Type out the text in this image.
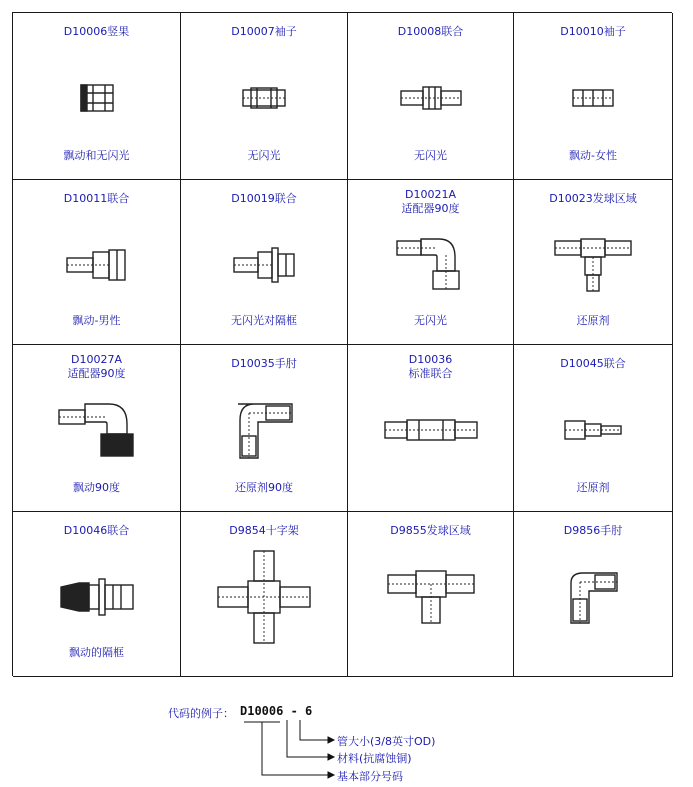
D10006竖果
飘动和无闪光
D10007袖子
无闪光
D10008联合
无闪光
D10010袖子
飘动-女性
D10011联合
飘动-男性
D10019联合
无闪光对隔框
D10021A
适配器90度
无闪光
D10023发球区域
还原剂
D10027A
适配器90度
飘动90度
D10035手肘
还原剂90度
D10036
标准联合
D10045联合
还原剂
D10046联合
飘动的隔框
D9854十字架	D9855发球区域	D9856手肘
代码的例子： D10006 - 6
管大小(3/8英寸OD)
材料(抗腐蚀铜)
基本部分号码
